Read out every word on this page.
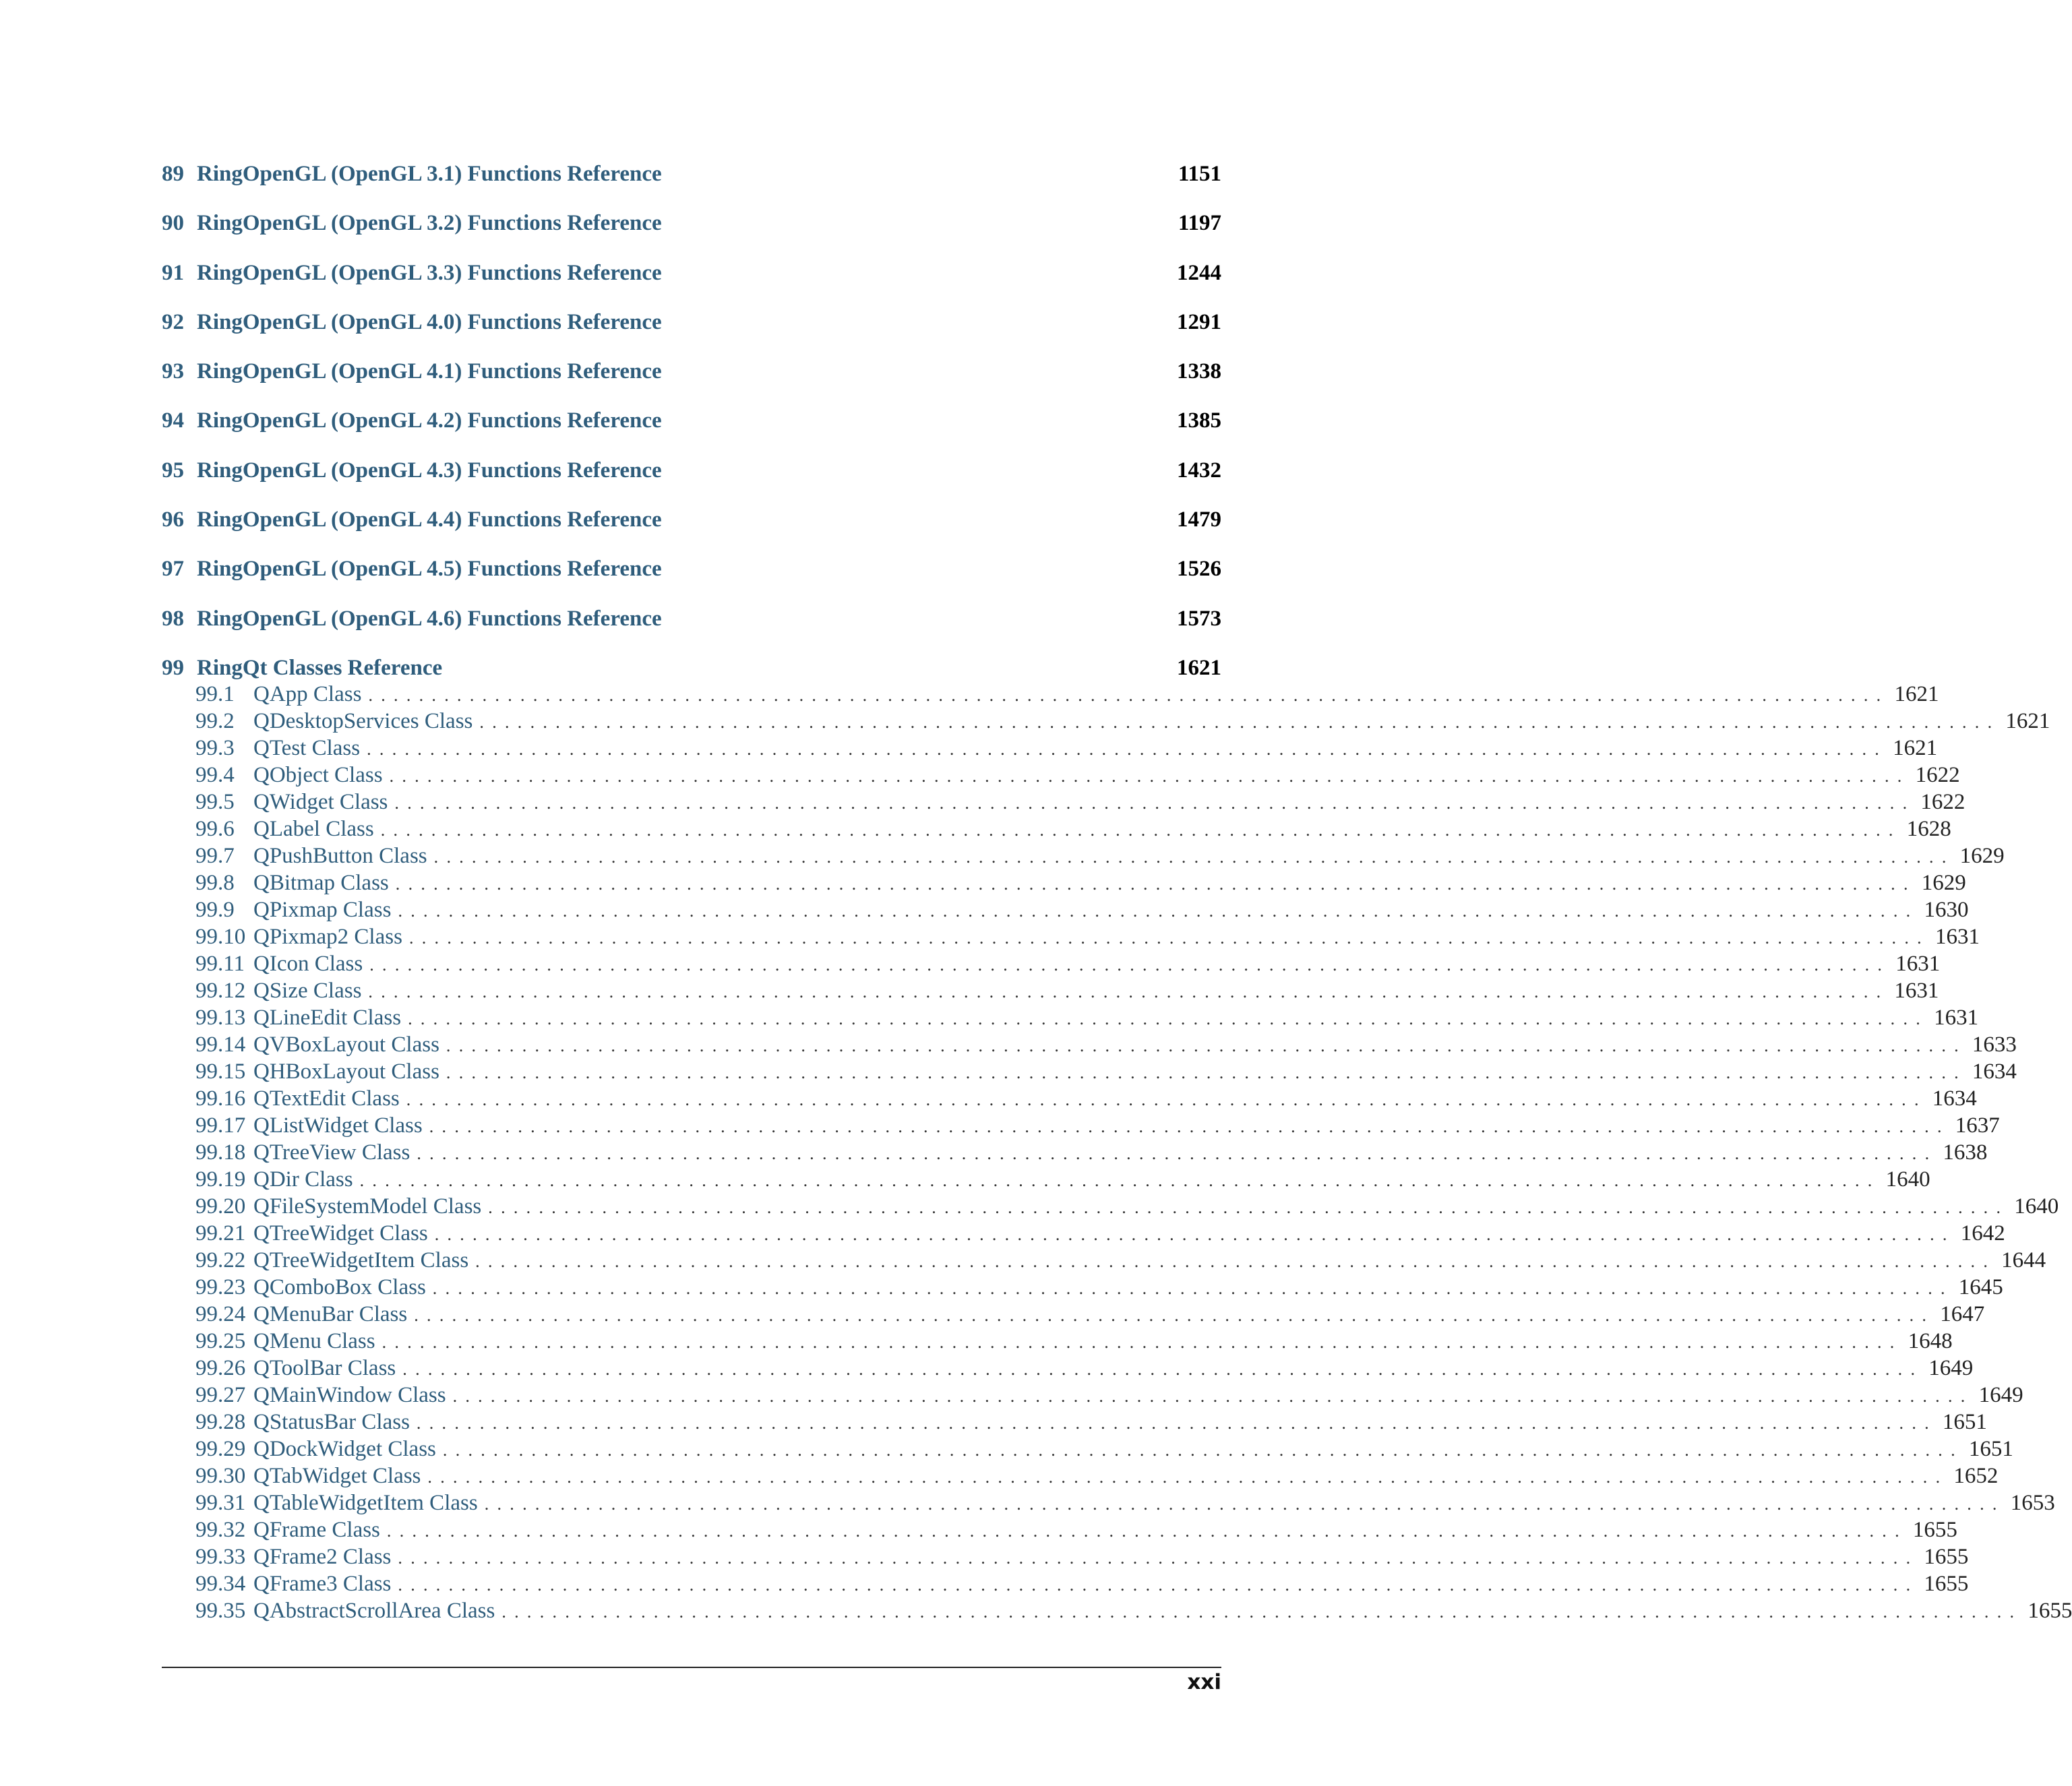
89 RingOpenGL (OpenGL 3.1) Functions Reference	1151
90 RingOpenGL (OpenGL 3.2) Functions Reference	1197
91 RingOpenGL (OpenGL 3.3) Functions Reference	1244
92 RingOpenGL (OpenGL 4.0) Functions Reference	1291
93 RingOpenGL (OpenGL 4.1) Functions Reference	1338
94 RingOpenGL (OpenGL 4.2) Functions Reference	1385
95 RingOpenGL (OpenGL 4.3) Functions Reference	1432
96 RingOpenGL (OpenGL 4.4) Functions Reference	1479
97 RingOpenGL (OpenGL 4.5) Functions Reference	1526
98 RingOpenGL (OpenGL 4.6) Functions Reference	1573
99 RingQt Classes Reference	1621
99.1 QApp Class ........................................................................................................................ 1621
99.2 QDesktopServices Class ........................................................................................................................ 1621
99.3 QTest Class ........................................................................................................................ 1621
99.4 QObject Class ........................................................................................................................ 1622
99.5 QWidget Class ........................................................................................................................ 1622
99.6 QLabel Class ........................................................................................................................ 1628
99.7 QPushButton Class ........................................................................................................................ 1629
99.8 QBitmap Class ........................................................................................................................ 1629
99.9 QPixmap Class ........................................................................................................................ 1630
99.10 QPixmap2 Class ........................................................................................................................ 1631
99.11 QIcon Class ........................................................................................................................ 1631
99.12 QSize Class ........................................................................................................................ 1631
99.13 QLineEdit Class ........................................................................................................................ 1631
99.14 QVBoxLayout Class ........................................................................................................................ 1633
99.15 QHBoxLayout Class ........................................................................................................................ 1634
99.16 QTextEdit Class ........................................................................................................................ 1634
99.17 QListWidget Class ........................................................................................................................ 1637
99.18 QTreeView Class ........................................................................................................................ 1638
99.19 QDir Class ........................................................................................................................ 1640
99.20 QFileSystemModel Class ........................................................................................................................ 1640
99.21 QTreeWidget Class ........................................................................................................................ 1642
99.22 QTreeWidgetItem Class ........................................................................................................................ 1644
99.23 QComboBox Class ........................................................................................................................ 1645
99.24 QMenuBar Class ........................................................................................................................ 1647
99.25 QMenu Class ........................................................................................................................ 1648
99.26 QToolBar Class ........................................................................................................................ 1649
99.27 QMainWindow Class ........................................................................................................................ 1649
99.28 QStatusBar Class ........................................................................................................................ 1651
99.29 QDockWidget Class ........................................................................................................................ 1651
99.30 QTabWidget Class ........................................................................................................................ 1652
99.31 QTableWidgetItem Class ........................................................................................................................ 1653
99.32 QFrame Class ........................................................................................................................ 1655
99.33 QFrame2 Class ........................................................................................................................ 1655
99.34 QFrame3 Class ........................................................................................................................ 1655
99.35 QAbstractScrollArea Class ........................................................................................................................ 1655
xxi
